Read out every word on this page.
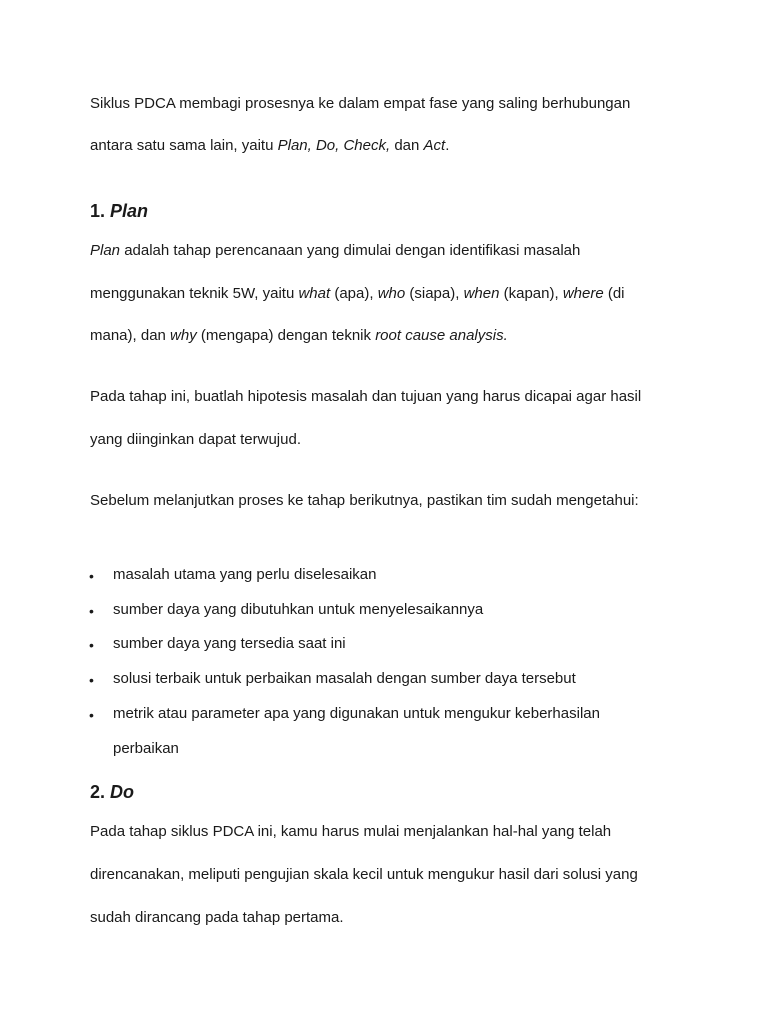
Siklus PDCA membagi prosesnya ke dalam empat fase yang saling berhubungan
antara satu sama lain, yaitu Plan, Do, Check, dan Act.
1. Plan
Plan adalah tahap perencanaan yang dimulai dengan identifikasi masalah
menggunakan teknik 5W, yaitu what (apa), who (siapa), when (kapan), where (di
mana), dan why (mengapa) dengan teknik root cause analysis.
Pada tahap ini, buatlah hipotesis masalah dan tujuan yang harus dicapai agar hasil
yang diinginkan dapat terwujud.
Sebelum melanjutkan proses ke tahap berikutnya, pastikan tim sudah mengetahui:
• masalah utama yang perlu diselesaikan
• sumber daya yang dibutuhkan untuk menyelesaikannya
• sumber daya yang tersedia saat ini
• solusi terbaik untuk perbaikan masalah dengan sumber daya tersebut
• metrik atau parameter apa yang digunakan untuk mengukur keberhasilan
perbaikan
2. Do
Pada tahap siklus PDCA ini, kamu harus mulai menjalankan hal-hal yang telah
direncanakan, meliputi pengujian skala kecil untuk mengukur hasil dari solusi yang
sudah dirancang pada tahap pertama.
